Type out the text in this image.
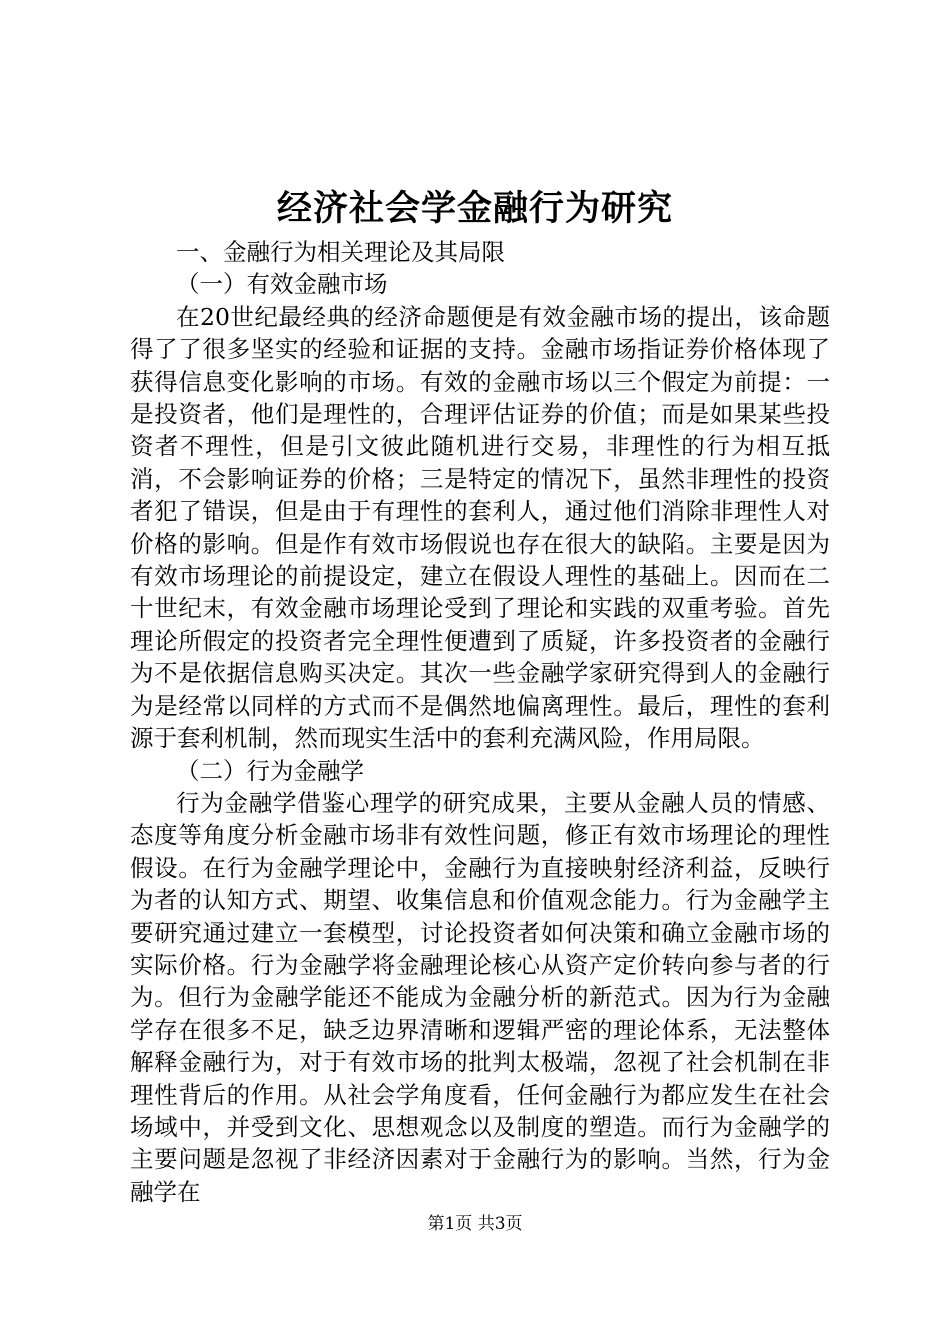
经济社会学金融行为研究

一、金融行为相关理论及其局限

（一）有效金融市场

在20世纪最经典的经济命题便是有效金融市场的提出，该命题得了了很多坚实的经验和证据的支持。金融市场指证券价格体现了获得信息变化影响的市场。有效的金融市场以三个假定为前提：一是投资者，他们是理性的，合理评估证券的价值；而是如果某些投资者不理性，但是引文彼此随机进行交易，非理性的行为相互抵消，不会影响证券的价格；三是特定的情况下，虽然非理性的投资者犯了错误，但是由于有理性的套利人，通过他们消除非理性人对价格的影响。但是作有效市场假说也存在很大的缺陷。主要是因为有效市场理论的前提设定，建立在假设人理性的基础上。因而在二十世纪末，有效金融市场理论受到了理论和实践的双重考验。首先理论所假定的投资者完全理性便遭到了质疑，许多投资者的金融行为不是依据信息购买决定。其次一些金融学家研究得到人的金融行为是经常以同样的方式而不是偶然地偏离理性。最后，理性的套利源于套利机制，然而现实生活中的套利充满风险，作用局限。

（二）行为金融学

行为金融学借鉴心理学的研究成果，主要从金融人员的情感、态度等角度分析金融市场非有效性问题，修正有效市场理论的理性假设。在行为金融学理论中，金融行为直接映射经济利益，反映行为者的认知方式、期望、收集信息和价值观念能力。行为金融学主要研究通过建立一套模型，讨论投资者如何决策和确立金融市场的实际价格。行为金融学将金融理论核心从资产定价转向参与者的行为。但行为金融学能还不能成为金融分析的新范式。因为行为金融学存在很多不足，缺乏边界清晰和逻辑严密的理论体系，无法整体解释金融行为，对于有效市场的批判太极端，忽视了社会机制在非理性背后的作用。从社会学角度看，任何金融行为都应发生在社会场域中，并受到文化、思想观念以及制度的塑造。而行为金融学的主要问题是忽视了非经济因素对于金融行为的影响。当然，行为金融学在

第1页 共3页
